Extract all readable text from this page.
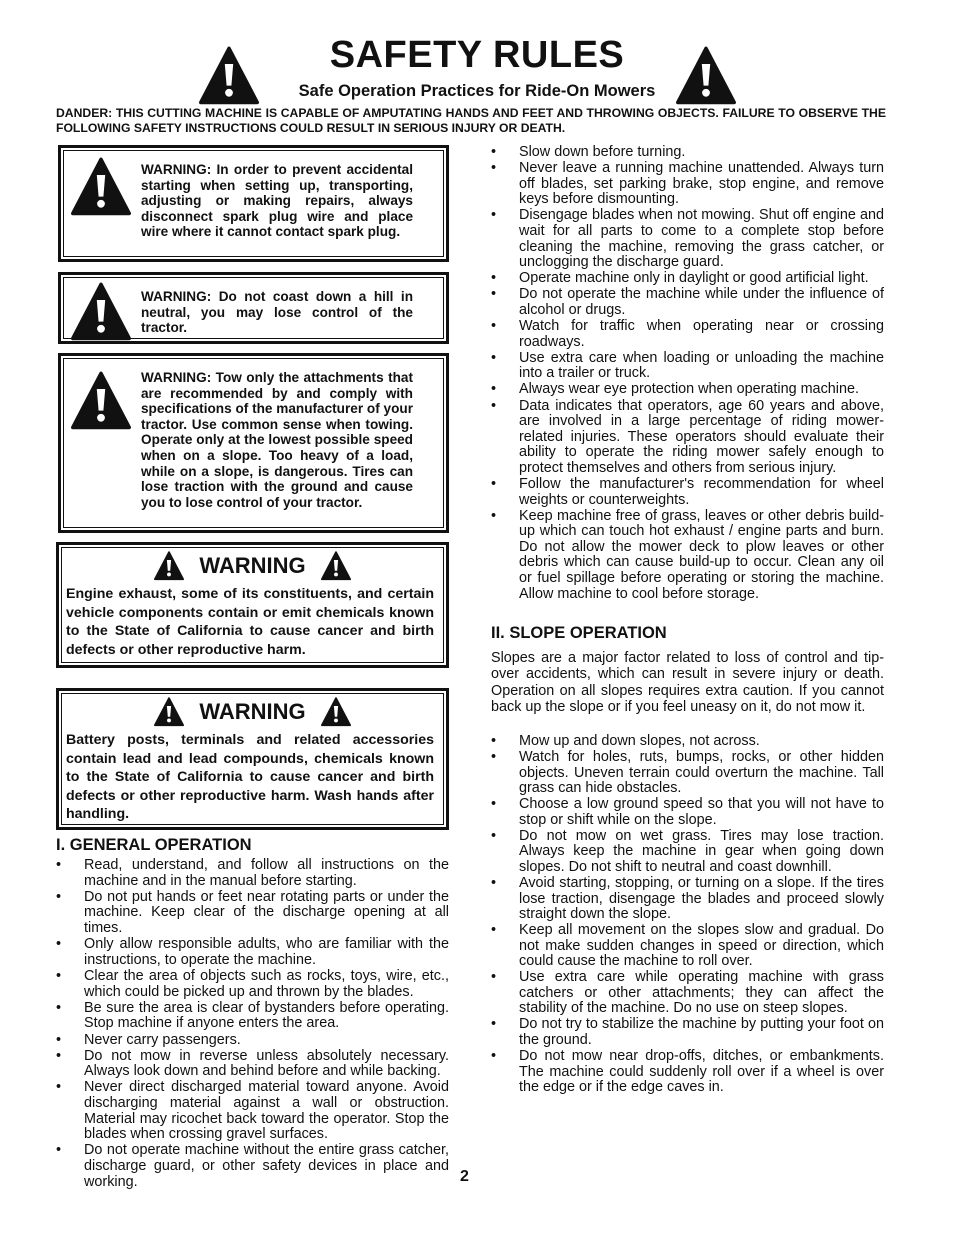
SAFETY RULES
Safe Operation Practices for Ride-On Mowers
DANDER: THIS CUTTING MACHINE IS CAPABLE OF AMPUTATING HANDS AND FEET AND THROWING OBJECTS. FAILURE TO OBSERVE THE FOLLOWING SAFETY INSTRUCTIONS COULD RESULT IN SERIOUS INJURY OR DEATH.
WARNING: In order to prevent accidental starting when setting up, transporting, adjusting or making repairs, always disconnect spark plug wire and place wire where it cannot contact spark plug.
WARNING: Do not coast down a hill in neutral, you may lose control of the tractor.
WARNING: Tow only the attachments that are recommended by and comply with specifications of the manufacturer of your tractor. Use common sense when towing. Operate only at the lowest possible speed when on a slope. Too heavy of a load, while on a slope, is dangerous. Tires can lose traction with the ground and cause you to lose control of your tractor.
WARNING
Engine exhaust, some of its constituents, and certain vehicle components contain or emit chemicals known to the State of California to cause cancer and birth defects or other reproductive harm.
WARNING
Battery posts, terminals and related accessories contain lead and lead compounds, chemicals known to the State of California to cause cancer and birth defects or other reproductive harm. Wash hands after handling.
I. GENERAL OPERATION
• Read, understand, and follow all instructions on the machine and in the manual before starting.
• Do not put hands or feet near rotating parts or under the machine. Keep clear of the discharge opening at all times.
• Only allow responsible adults, who are familiar with the instructions, to operate the machine.
• Clear the area of objects such as rocks, toys, wire, etc., which could be picked up and thrown by the blades.
• Be sure the area is clear of bystanders before operating. Stop machine if anyone enters the area.
• Never carry passengers.
• Do not mow in reverse unless absolutely necessary. Always look down and behind before and while backing.
• Never direct discharged material toward anyone. Avoid discharging material against a wall or obstruction. Material may ricochet back toward the operator. Stop the blades when crossing gravel surfaces.
• Do not operate machine without the entire grass catcher, discharge guard, or other safety devices in place and working.
• Slow down before turning.
• Never leave a running machine unattended. Always turn off blades, set parking brake, stop engine, and remove keys before dismounting.
• Disengage blades when not mowing. Shut off engine and wait for all parts to come to a complete stop before cleaning the machine, removing the grass catcher, or unclogging the discharge guard.
• Operate machine only in daylight or good artificial light.
• Do not operate the machine while under the influence of alcohol or drugs.
• Watch for traffic when operating near or crossing roadways.
• Use extra care when loading or unloading the machine into a trailer or truck.
• Always wear eye protection when operating machine.
• Data indicates that operators, age 60 years and above, are involved in a large percentage of riding mower-related injuries. These operators should evaluate their ability to operate the riding mower safely enough to protect themselves and others from serious injury.
• Follow the manufacturer's recommendation for wheel weights or counterweights.
• Keep machine free of grass, leaves or other debris build-up which can touch hot exhaust / engine parts and burn. Do not allow the mower deck to plow leaves or other debris which can cause build-up to occur. Clean any oil or fuel spillage before operating or storing the machine. Allow machine to cool before storage.
II. SLOPE OPERATION
Slopes are a major factor related to loss of control and tip-over accidents, which can result in severe injury or death. Operation on all slopes requires extra caution. If you cannot back up the slope or if you feel uneasy on it, do not mow it.
• Mow up and down slopes, not across.
• Watch for holes, ruts, bumps, rocks, or other hidden objects. Uneven terrain could overturn the machine. Tall grass can hide obstacles.
• Choose a low ground speed so that you will not have to stop or shift while on the slope.
• Do not mow on wet grass. Tires may lose traction. Always keep the machine in gear when going down slopes. Do not shift to neutral and coast downhill.
• Avoid starting, stopping, or turning on a slope. If the tires lose traction, disengage the blades and proceed slowly straight down the slope.
• Keep all movement on the slopes slow and gradual. Do not make sudden changes in speed or direction, which could cause the machine to roll over.
• Use extra care while operating machine with grass catchers or other attachments; they can affect the stability of the machine. Do no use on steep slopes.
• Do not try to stabilize the machine by putting your foot on the ground.
• Do not mow near drop-offs, ditches, or embankments. The machine could suddenly roll over if a wheel is over the edge or if the edge caves in.
2
